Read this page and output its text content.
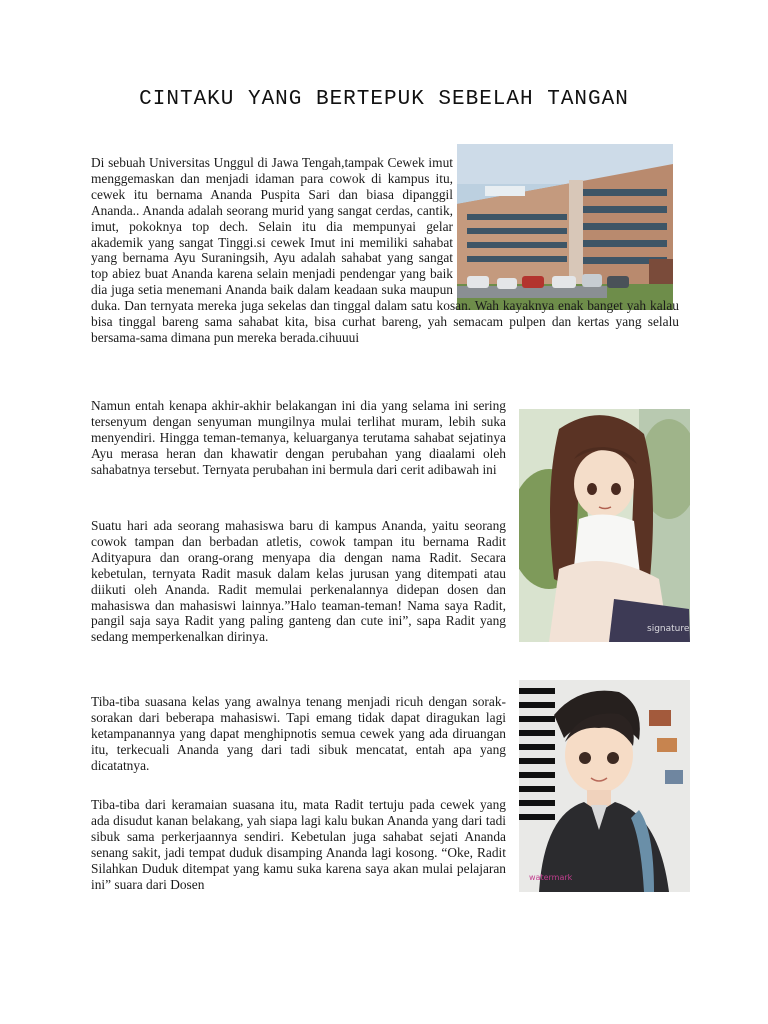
CINTAKU YANG BERTEPUK SEBELAH TANGAN
signature
watermark
Di sebuah Universitas Unggul di Jawa Tengah,tampak Cewek imut menggemaskan dan menjadi idaman para cowok di kampus itu, cewek itu bernama Ananda Puspita Sari dan biasa dipanggil Ananda.. Ananda adalah seorang murid yang sangat cerdas, cantik, imut, pokoknya top dech. Selain itu dia mempunyai gelar akademik yang sangat Tinggi.si cewek Imut ini memiliki sahabat yang bernama Ayu Suraningsih, Ayu adalah sahabat yang sangat top abiez buat Ananda karena selain menjadi pendengar yang baik dia juga setia menemani Ananda baik dalam keadaan suka maupun duka. Dan ternyata mereka juga sekelas dan tinggal dalam satu kosan. Wah kayaknya enak banget yah kalau bisa tinggal bareng sama sahabat kita, bisa curhat bareng, yah semacam pulpen dan kertas yang selalu bersama-sama dimana pun mereka berada.cihuuui

Namun entah kenapa akhir-akhir belakangan ini dia yang selama ini sering tersenyum dengan senyuman mungilnya mulai terlihat muram, lebih suka menyendiri. Hingga teman-temanya, keluarganya terutama sahabat sejatinya Ayu merasa heran dan khawatir dengan perubahan yang diaalami oleh sahabatnya tersebut. Ternyata perubahan ini bermula dari cerit adibawah ini

Suatu hari ada seorang mahasiswa baru di kampus Ananda, yaitu seorang cowok tampan dan berbadan atletis, cowok tampan itu bernama Radit Adityapura dan orang-orang menyapa dia dengan nama Radit. Secara kebetulan, ternyata Radit masuk dalam kelas jurusan yang ditempati atau diikuti oleh Ananda. Radit memulai perkenalannya didepan dosen dan mahasiswa dan mahasiswi lainnya.”Halo teaman-teman! Nama saya Radit, pangil saja saya Radit yang paling ganteng dan cute ini”, sapa Radit yang sedang memperkenalkan dirinya.

Tiba-tiba suasana kelas yang awalnya tenang menjadi ricuh dengan sorak-sorakan dari beberapa mahasiswi. Tapi emang tidak dapat diragukan lagi ketampanannya yang dapat menghipnotis semua cewek yang ada diruangan itu, terkecuali Ananda yang dari tadi sibuk mencatat, entah apa yang dicatatnya.

Tiba-tiba dari keramaian suasana itu, mata Radit tertuju pada cewek yang ada disudut kanan belakang, yah siapa lagi kalu bukan Ananda yang dari tadi sibuk sama perkerjaannya sendiri. Kebetulan juga sahabat sejati Ananda senang sakit, jadi tempat duduk disamping Ananda lagi kosong. “Oke, Radit Silahkan Duduk ditempat yang kamu suka karena saya akan mulai pelajaran ini” suara dari Dosen
